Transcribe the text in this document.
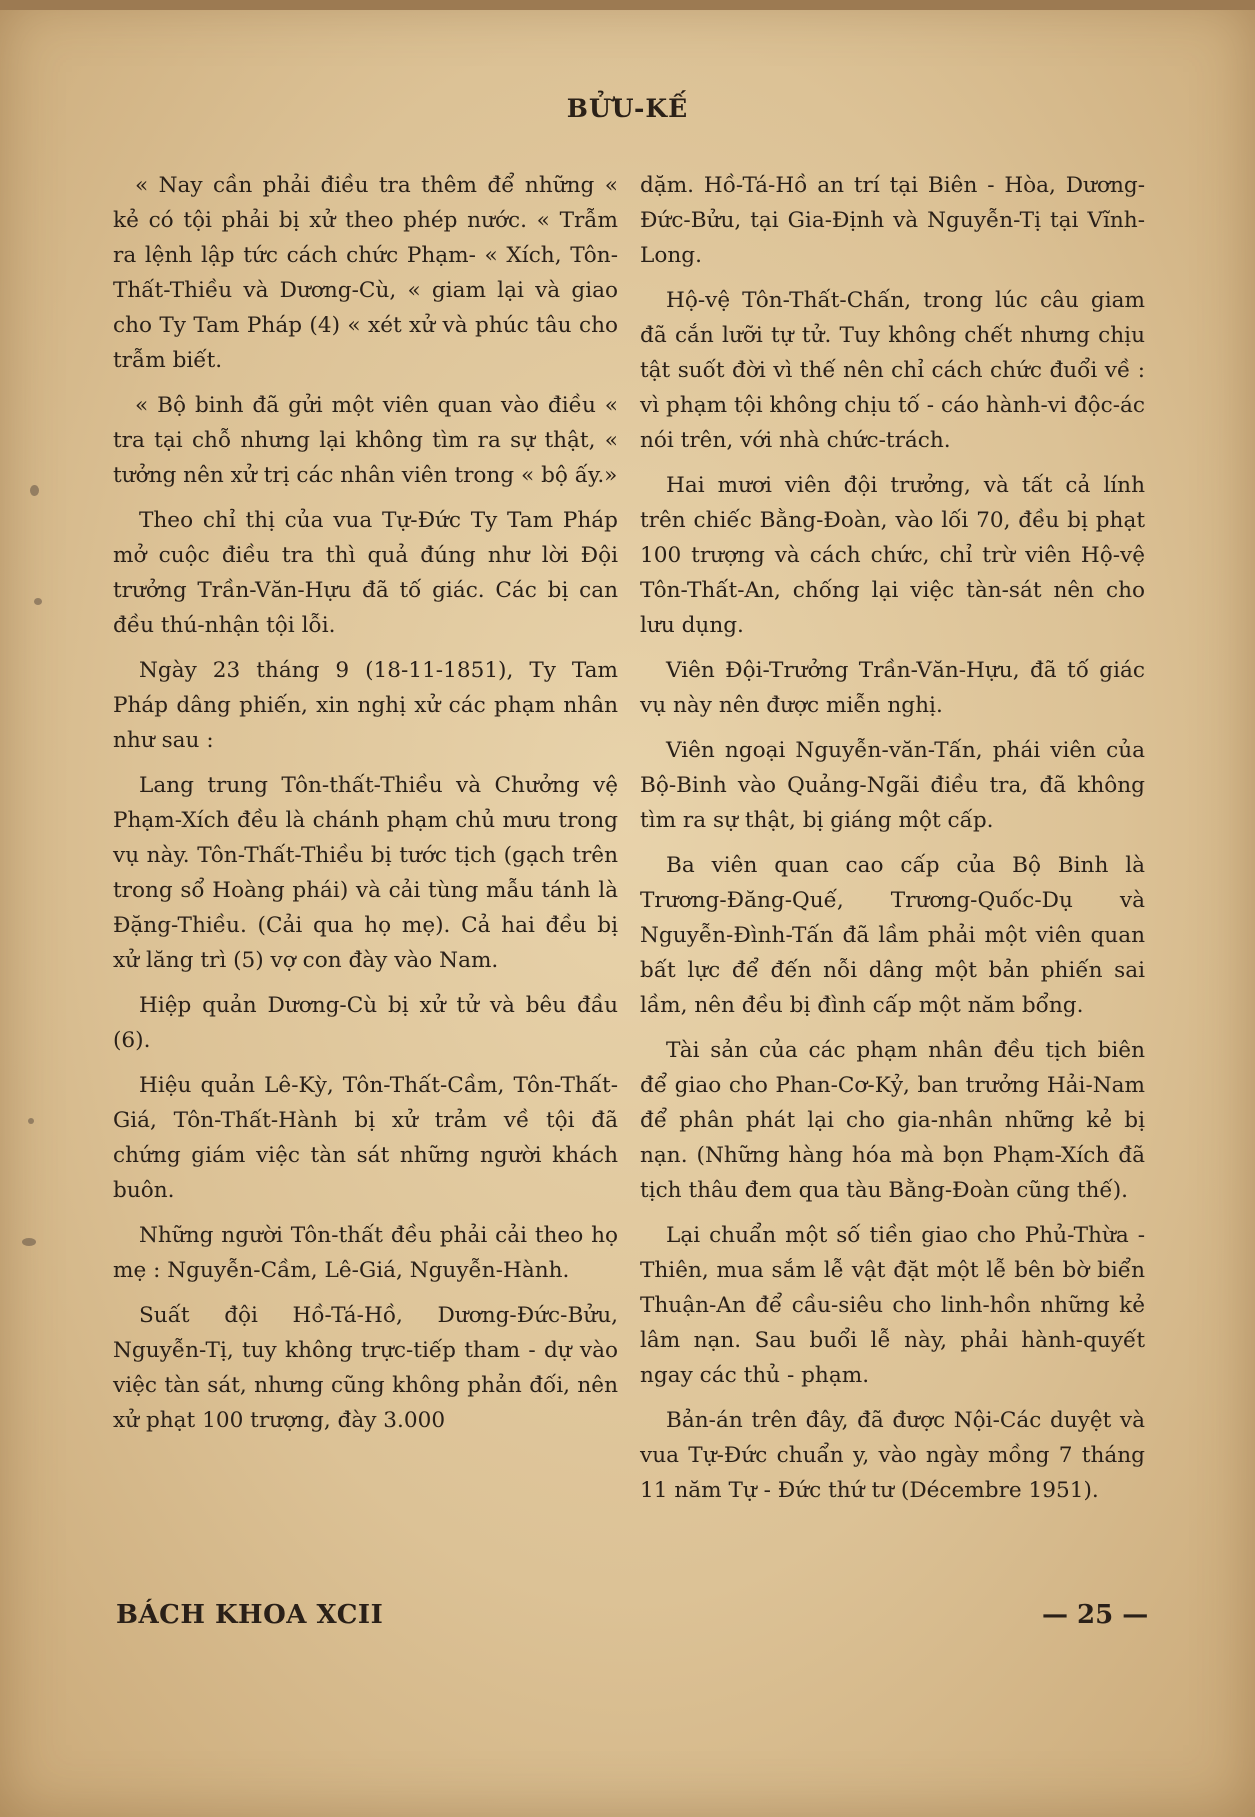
BỬU-KẾ

« Nay cần phải điều tra thêm để những « kẻ có tội phải bị xử theo phép nước. « Trẫm ra lệnh lập tức cách chức Phạm- « Xích, Tôn-Thất-Thiều và Dương-Cù, « giam lại và giao cho Ty Tam Pháp (4) « xét xử và phúc tâu cho trẫm biết.

« Bộ binh đã gửi một viên quan vào điều « tra tại chỗ nhưng lại không tìm ra sự thật, « tưởng nên xử trị các nhân viên trong « bộ ấy.»

Theo chỉ thị của vua Tự-Đức Ty Tam Pháp mở cuộc điều tra thì quả đúng như lời Đội trưởng Trần-Văn-Hựu đã tố giác. Các bị can đều thú-nhận tội lỗi.

Ngày 23 tháng 9 (18-11-1851), Ty Tam Pháp dâng phiến, xin nghị xử các phạm nhân như sau :

Lang trung Tôn-thất-Thiều và Chưởng vệ Phạm-Xích đều là chánh phạm chủ mưu trong vụ này. Tôn-Thất-Thiều bị tước tịch (gạch trên trong sổ Hoàng phái) và cải tùng mẫu tánh là Đặng-Thiều. (Cải qua họ mẹ). Cả hai đều bị xử lăng trì (5) vợ con đày vào Nam.

Hiệp quản Dương-Cù bị xử tử và bêu đầu (6).

Hiệu quản Lê-Kỳ, Tôn-Thất-Cầm, Tôn-Thất-Giá, Tôn-Thất-Hành bị xử trảm về tội đã chứng giám việc tàn sát những người khách buôn.

Những người Tôn-thất đều phải cải theo họ mẹ : Nguyễn-Cầm, Lê-Giá, Nguyễn-Hành.

Suất đội Hồ-Tá-Hồ, Dương-Đức-Bửu, Nguyễn-Tị, tuy không trực-tiếp tham - dự vào việc tàn sát, nhưng cũng không phản đối, nên xử phạt 100 trượng, đày 3.000

dặm. Hồ-Tá-Hồ an trí tại Biên - Hòa, Dương-Đức-Bửu, tại Gia-Định và Nguyễn-Tị tại Vĩnh-Long.

Hộ-vệ Tôn-Thất-Chấn, trong lúc câu giam đã cắn lưỡi tự tử. Tuy không chết nhưng chịu tật suốt đời vì thế nên chỉ cách chức đuổi về : vì phạm tội không chịu tố - cáo hành-vi độc-ác nói trên, với nhà chức-trách.

Hai mươi viên đội trưởng, và tất cả lính trên chiếc Bằng-Đoàn, vào lối 70, đều bị phạt 100 trượng và cách chức, chỉ trừ viên Hộ-vệ Tôn-Thất-An, chống lại việc tàn-sát nên cho lưu dụng.

Viên Đội-Trưởng Trần-Văn-Hựu, đã tố giác vụ này nên được miễn nghị.

Viên ngoại Nguyễn-văn-Tấn, phái viên của Bộ-Binh vào Quảng-Ngãi điều tra, đã không tìm ra sự thật, bị giáng một cấp.

Ba viên quan cao cấp của Bộ Binh là Trương-Đăng-Quế, Trương-Quốc-Dụ và Nguyễn-Đình-Tấn đã lầm phải một viên quan bất lực để đến nỗi dâng một bản phiến sai lầm, nên đều bị đình cấp một năm bổng.

Tài sản của các phạm nhân đều tịch biên để giao cho Phan-Cơ-Kỷ, ban trưởng Hải-Nam để phân phát lại cho gia-nhân những kẻ bị nạn. (Những hàng hóa mà bọn Phạm-Xích đã tịch thâu đem qua tàu Bằng-Đoàn cũng thế).

Lại chuẩn một số tiền giao cho Phủ-Thừa - Thiên, mua sắm lễ vật đặt một lễ bên bờ biển Thuận-An để cầu-siêu cho linh-hồn những kẻ lâm nạn. Sau buổi lễ này, phải hành-quyết ngay các thủ - phạm.

Bản-án trên đây, đã được Nội-Các duyệt và vua Tự-Đức chuẩn y, vào ngày mồng 7 tháng 11 năm Tự - Đức thứ tư (Décembre 1951).

BÁCH KHOA XCII	— 25 —
